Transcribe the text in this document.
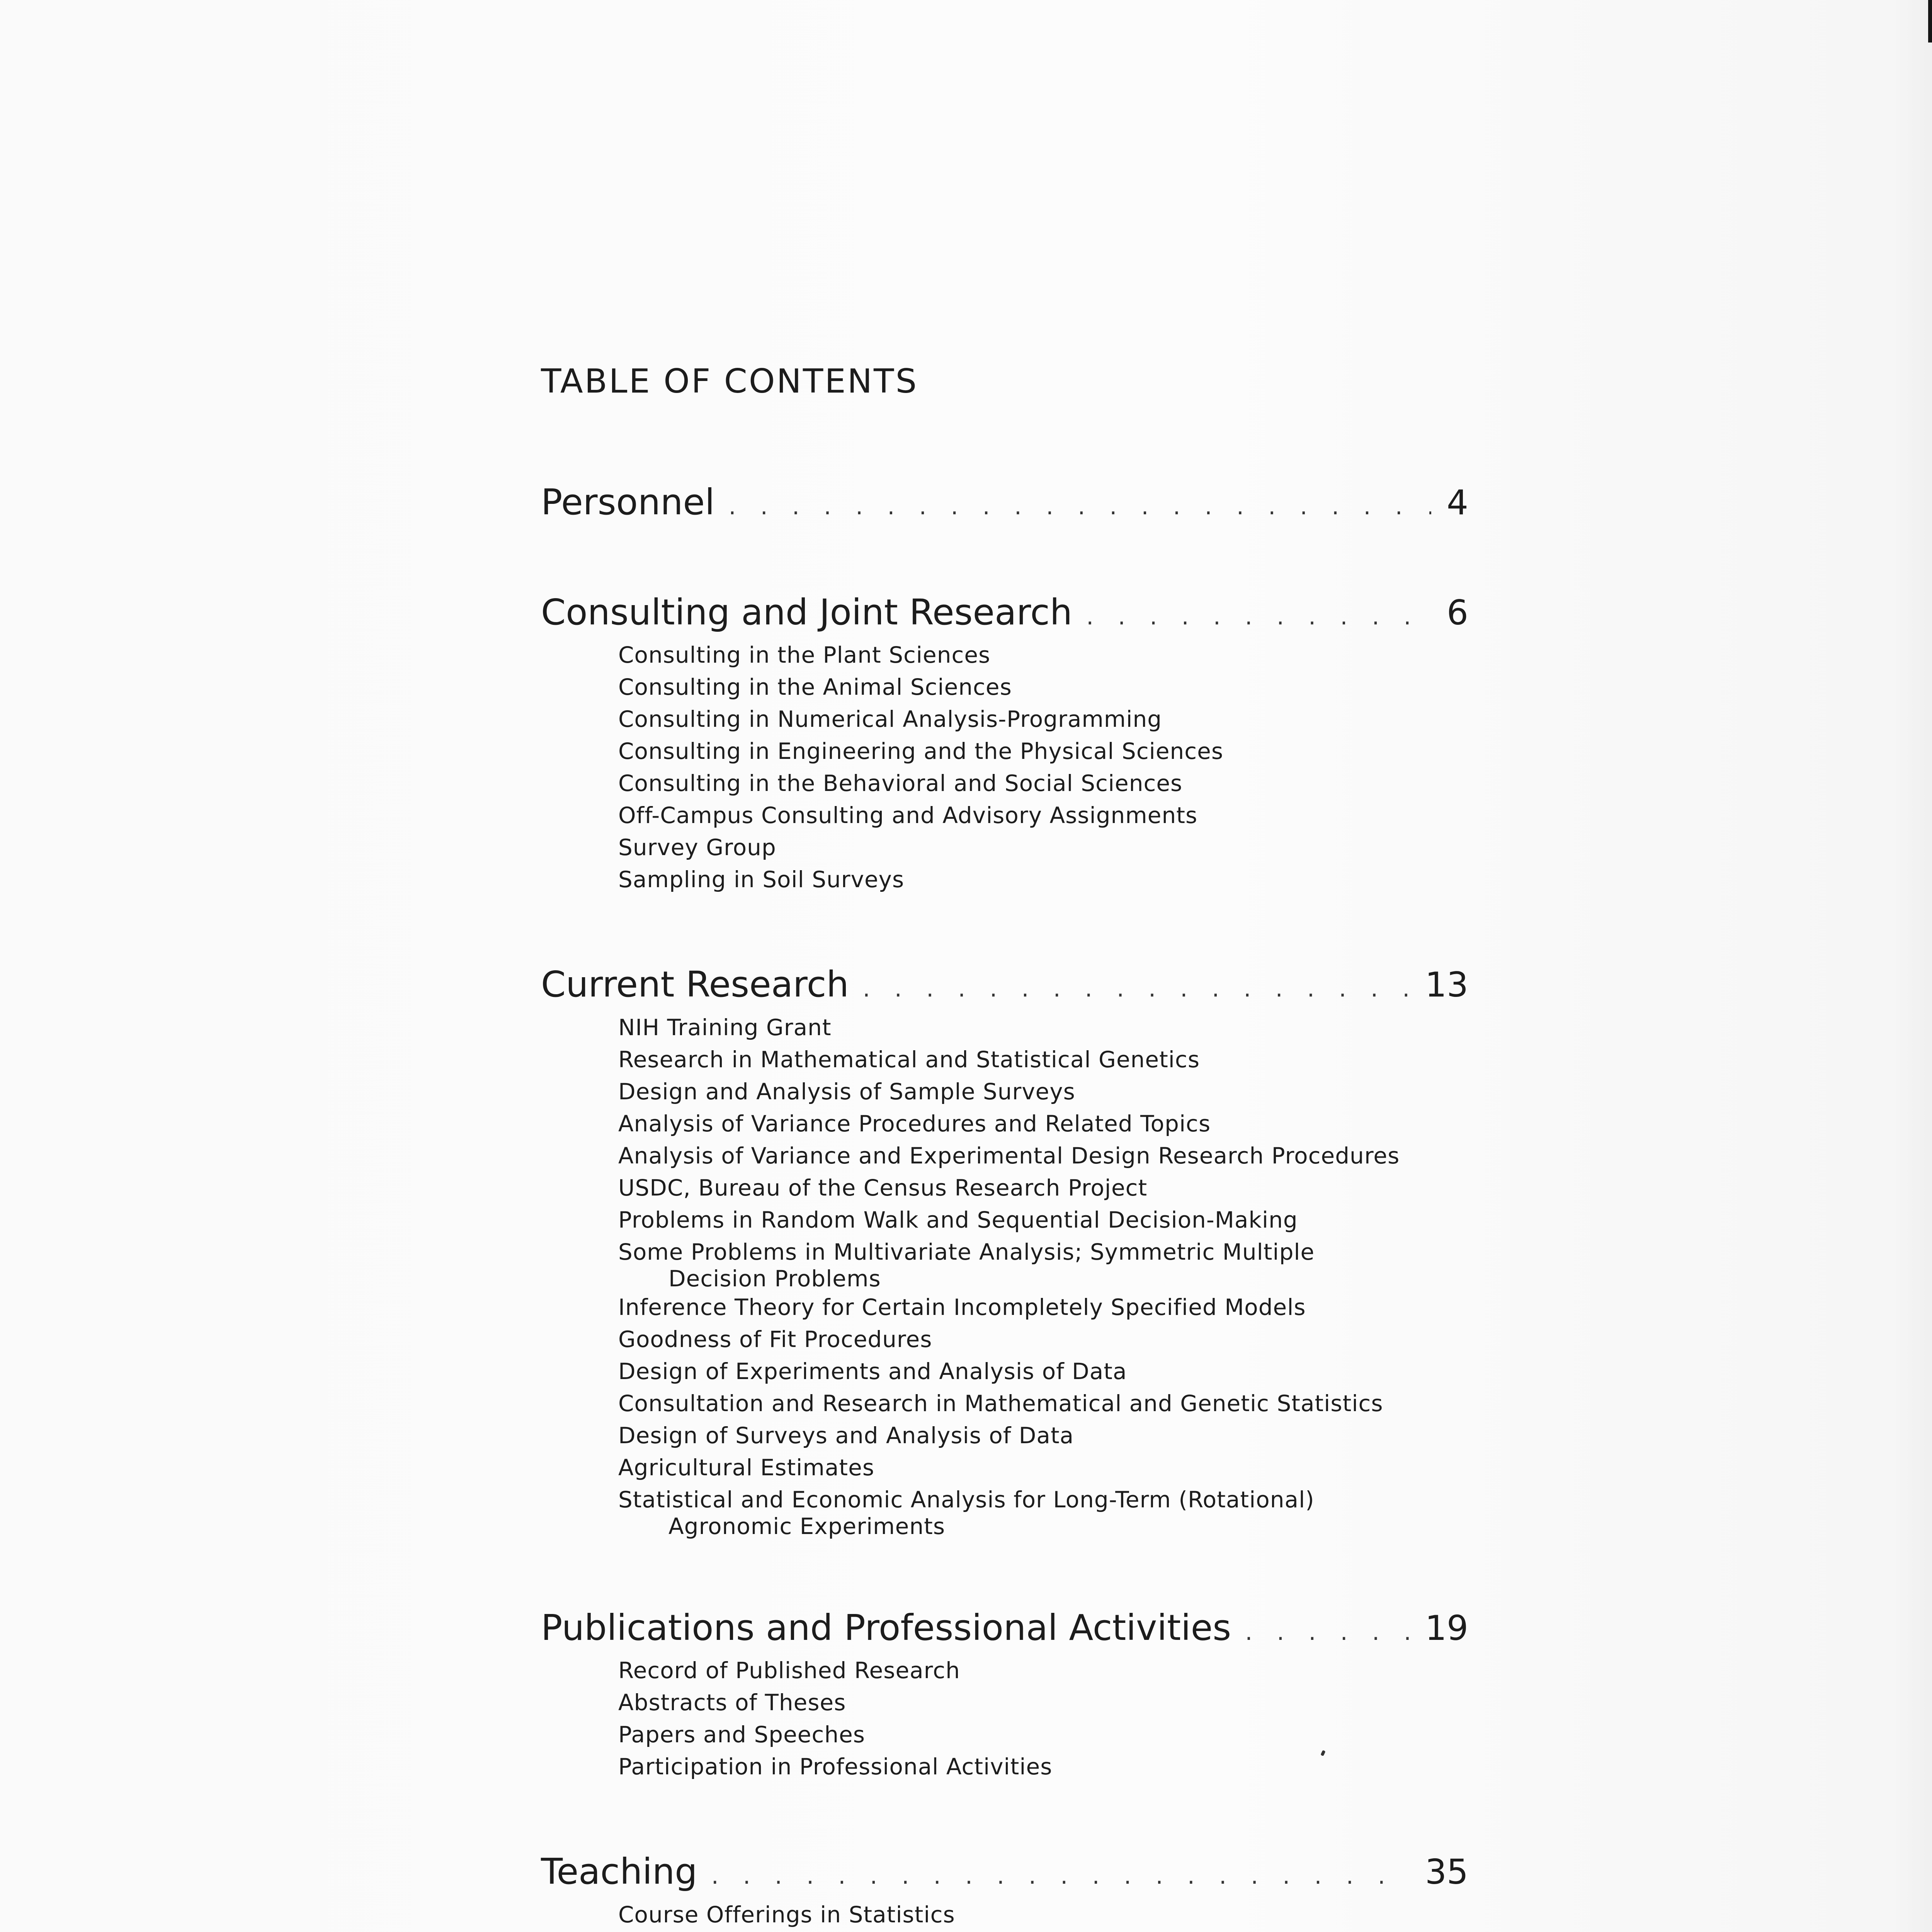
TABLE OF CONTENTS
Personnel . . .	4
Consulting and Joint Research . . .	6
Consulting in the Plant Sciences
Consulting in the Animal Sciences
Consulting in Numerical Analysis-Programming
Consulting in Engineering and the Physical Sciences
Consulting in the Behavioral and Social Sciences
Off-Campus Consulting and Advisory Assignments
Survey Group
Sampling in Soil Surveys
Current Research . . .	13
NIH Training Grant
Research in Mathematical and Statistical Genetics
Design and Analysis of Sample Surveys
Analysis of Variance Procedures and Related Topics
Analysis of Variance and Experimental Design Research Procedures
USDC, Bureau of the Census Research Project
Problems in Random Walk and Sequential Decision-Making
Some Problems in Multivariate Analysis; Symmetric Multiple
Decision Problems
Inference Theory for Certain Incompletely Specified Models
Goodness of Fit Procedures
Design of Experiments and Analysis of Data
Consultation and Research in Mathematical and Genetic Statistics
Design of Surveys and Analysis of Data
Agricultural Estimates
Statistical and Economic Analysis for Long-Term (Rotational)
Agronomic Experiments
Publications and Professional Activities . . .	19
Record of Published Research
Abstracts of Theses
Papers and Speeches
Participation in Professional Activities
Teaching . . .	35
Course Offerings in Statistics
